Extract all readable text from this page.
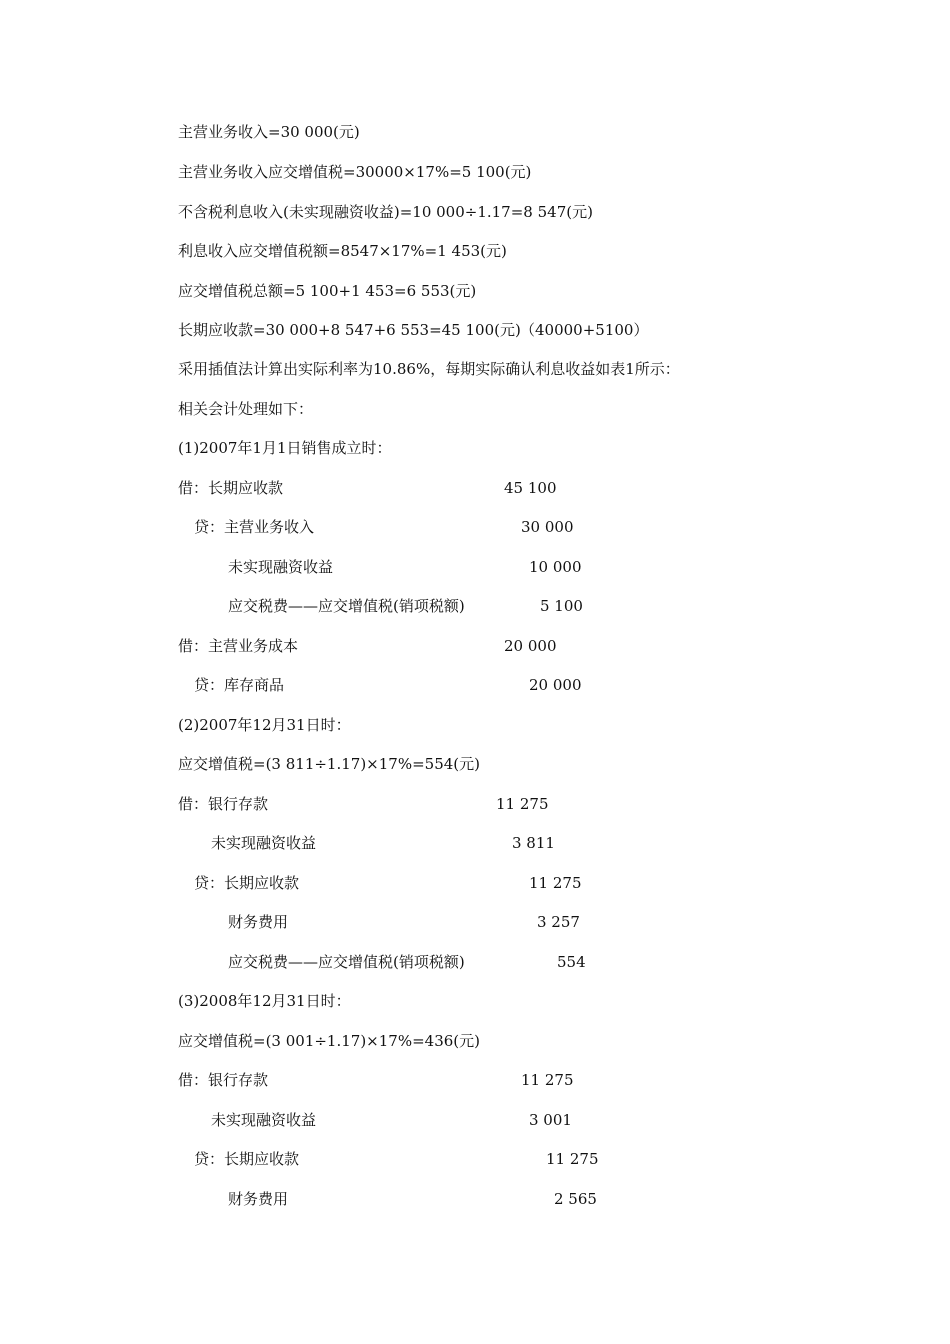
主营业务收入=30 000(元)
主营业务收入应交增值税=30000×17%=5 100(元)
不含税利息收入(未实现融资收益)=10 000÷1.17=8 547(元)
利息收入应交增值税额=8547×17%=1 453(元)
应交增值税总额=5 100+1 453=6 553(元)
长期应收款=30 000+8 547+6 553=45 100(元) （40000+5100）
采用插值法计算出实际利率为10.86%，每期实际确认利息收益如表1所示：
相关会计处理如下：
(1)2007年1月1日销售成立时：
借：长期应收款	45 100
贷：主营业务收入	30 000
未实现融资收益	10 000
应交税费——应交增值税(销项税额)	5 100
借：主营业务成本	20 000
贷：库存商品	20 000
(2)2007年12月31日时：
应交增值税=(3 811÷1.17)×17%=554(元)
借：银行存款	11 275
未实现融资收益	3 811
贷：长期应收款	11 275
财务费用	3 257
应交税费——应交增值税(销项税额)	554
(3)2008年12月31日时：
应交增值税=(3 001÷1.17)×17%=436(元)
借：银行存款	11 275
未实现融资收益	3 001
贷：长期应收款	11 275
财务费用	2 565
